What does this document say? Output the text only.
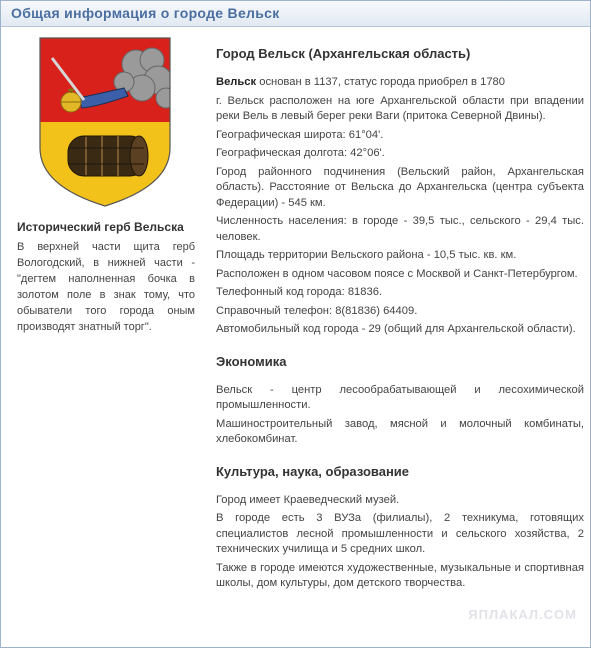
Общая информация о городе Вельск
Исторический герб Вельска
В верхней части щита герб Вологодский, в нижней части - "дегтем наполненная бочка в золотом поле в знак тому, что обыватели того города оным производят знатный торг".
Город Вельск (Архангельская область)

Вельск основан в 1137, статус города приобрел в 1780

г. Вельск расположен на юге Архангельской области при впадении реки Вель в левый берег реки Ваги (притока Северной Двины).

Географическая широта: 61°04'.

Географическая долгота: 42°06'.

Город районного подчинения (Вельский район, Архангельская область). Расстояние от Вельска до Архангельска (центра субъекта Федерации) - 545 км.

Численность населения: в городе - 39,5 тыс., сельского - 29,4 тыс. человек.

Площадь территории Вельского района - 10,5 тыс. кв. км.

Расположен в одном часовом поясе с Москвой и Санкт-Петербургом.

Телефонный код города: 81836.

Справочный телефон: 8(81836) 64409.

Автомобильный код города - 29 (общий для Архангельской области).

Экономика

Вельск - центр лесообрабатывающей и лесохимической промышленности.

Машиностроительный завод, мясной и молочный комбинаты, хлебокомбинат.

Культура, наука, образование

Город имеет Краеведческий музей.

В городе есть 3 ВУЗа (филиалы), 2 техникума, готовящих специалистов лесной промышленности и сельского хозяйства, 2 технических училища и 5 средних школ.

Также в городе имеются художественные, музыкальные и спортивная школы, дом культуры, дом детского творчества.

ЯПЛАКАЛ.COM
